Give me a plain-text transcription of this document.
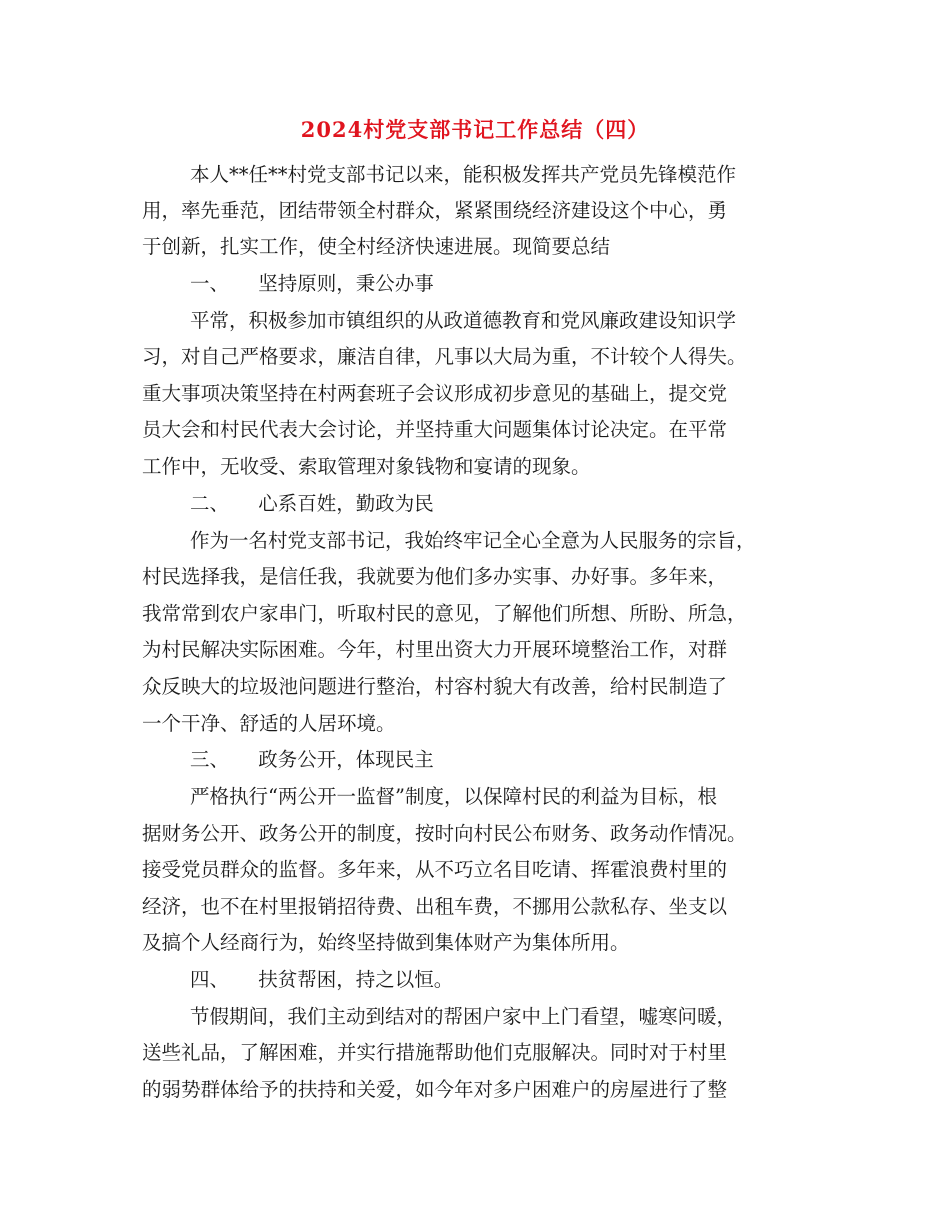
2024村党支部书记工作总结（四）
本人**任**村党支部书记以来，能积极发挥共产党员先锋模范作
用，率先垂范，团结带领全村群众，紧紧围绕经济建设这个中心，勇
于创新，扎实工作，使全村经济快速进展。现简要总结
一、　　坚持原则，秉公办事
平常，积极参加市镇组织的从政道德教育和党风廉政建设知识学
习，对自己严格要求，廉洁自律，凡事以大局为重，不计较个人得失。
重大事项决策坚持在村两套班子会议形成初步意见的基础上，提交党
员大会和村民代表大会讨论，并坚持重大问题集体讨论决定。在平常
工作中，无收受、索取管理对象钱物和宴请的现象。
二、　　心系百姓，勤政为民
作为一名村党支部书记，我始终牢记全心全意为人民服务的宗旨，
村民选择我，是信任我，我就要为他们多办实事、办好事。多年来，
我常常到农户家串门，听取村民的意见，了解他们所想、所盼、所急，
为村民解决实际困难。今年，村里出资大力开展环境整治工作，对群
众反映大的垃圾池问题进行整治，村容村貌大有改善，给村民制造了
一个干净、舒适的人居环境。
三、　　政务公开，体现民主
严格执行“两公开一监督”制度，以保障村民的利益为目标，根
据财务公开、政务公开的制度，按时向村民公布财务、政务动作情况。
接受党员群众的监督。多年来，从不巧立名目吃请、挥霍浪费村里的
经济，也不在村里报销招待费、出租车费，不挪用公款私存、坐支以
及搞个人经商行为，始终坚持做到集体财产为集体所用。
四、　　扶贫帮困，持之以恒。
节假期间，我们主动到结对的帮困户家中上门看望，嘘寒问暖，
送些礼品，了解困难，并实行措施帮助他们克服解决。同时对于村里
的弱势群体给予的扶持和关爱，如今年对多户困难户的房屋进行了整
